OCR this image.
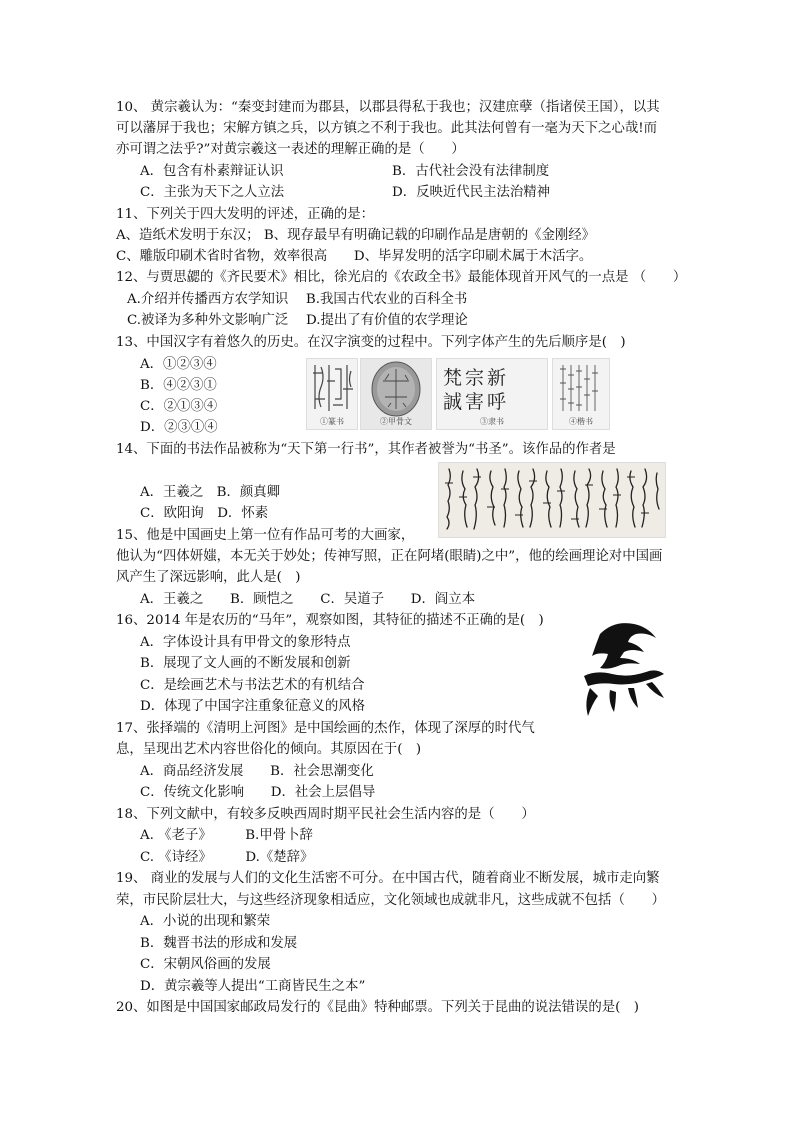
10、 黄宗羲认为：“秦变封建而为郡县，以郡县得私于我也；汉建庶孽（指诸侯王国），以其
可以藩屏于我也；宋解方镇之兵，以方镇之不利于我也。此其法何曾有一毫为天下之心哉!而
亦可谓之法乎?”对黄宗羲这一表述的理解正确的是（　　）
A．包含有朴素辩证认识	B．古代社会没有法律制度
C．主张为天下之人立法	D．反映近代民主法治精神
11、下列关于四大发明的评述，正确的是：
A、造纸术发明于东汉； B、现存最早有明确记载的印刷作品是唐朝的《金刚经》
C、雕版印刷术省时省物，效率很高　　D、毕昇发明的活字印刷术属于木活字。
12、与贾思勰的《齐民要术》相比，徐光启的《农政全书》最能体现首开风气的一点是 （　　）
A.介绍并传播西方农学知识　 B.我国古代农业的百科全书
C.被译为多种外文影响广泛　 D.提出了有价值的农学理论
13、中国汉字有着悠久的历史。在汉字演变的过程中。下列字体产生的先后顺序是(　)
A．①②③④
B．④②③①
C．②①③④
D．②③①④	①篆书	②甲骨文
梵宗新
誠害呼
③隶书	④楷书
14、下面的书法作品被称为“天下第一行书”，其作者被誉为“书圣”。该作品的作者是
A．王羲之　B．颜真卿
C．欧阳询　D．怀素
15、他是中国画史上第一位有作品可考的大画家，
他认为“四体妍媸，本无关于妙处；传神写照，正在阿堵(眼睛)之中”，他的绘画理论对中国画
风产生了深远影响，此人是(　)
A．王羲之　　B．顾恺之　　C．吴道子　　D．阎立本
16、2014 年是农历的“马年”，观察如图，其特征的描述不正确的是(　)
A．字体设计具有甲骨文的象形特点
B．展现了文人画的不断发展和创新
C．是绘画艺术与书法艺术的有机结合
D．体现了中国字注重象征意义的风格
17、张择端的《清明上河图》是中国绘画的杰作，体现了深厚的时代气
息，呈现出艺术内容世俗化的倾向。其原因在于(　)
A．商品经济发展　　B．社会思潮变化
C．传统文化影响　　D．社会上层倡导
18、下列文献中，有较多反映西周时期平民社会生活内容的是（　　）
A. 《老子》　　　B.甲骨卜辞
C. 《诗经》　　　D.《楚辞》
19、 商业的发展与人们的文化生活密不可分。在中国古代，随着商业不断发展，城市走向繁
荣，市民阶层壮大，与这些经济现象相适应，文化领域也成就非凡，这些成就不包括（　　）
A．小说的出现和繁荣
B．魏晋书法的形成和发展
C．宋朝风俗画的发展
D．黄宗羲等人提出“工商皆民生之本”
20、如图是中国国家邮政局发行的《昆曲》特种邮票。下列关于昆曲的说法错误的是(　)
